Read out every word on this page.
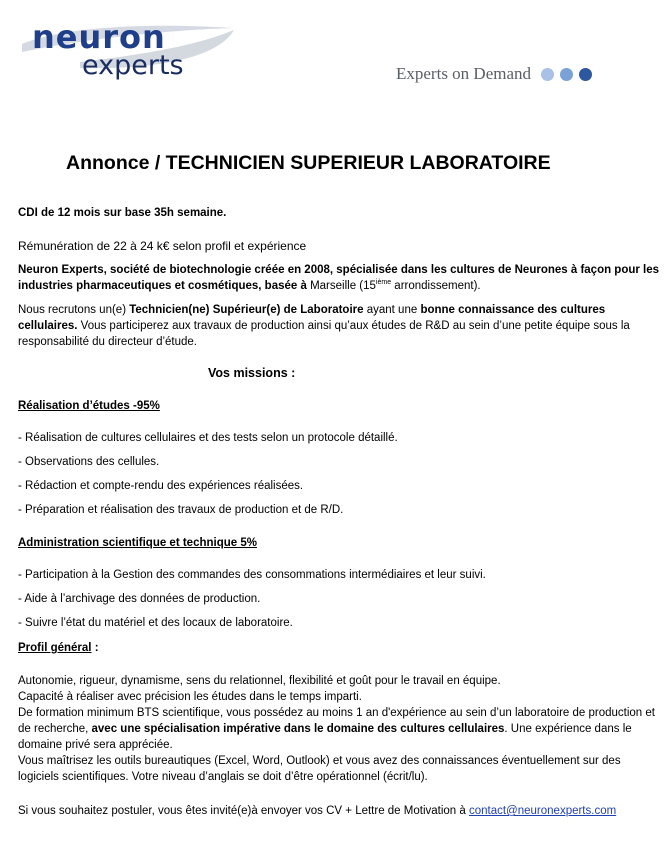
neuron
experts	Experts on Demand
Annonce / TECHNICIEN SUPERIEUR LABORATOIRE

CDI de 12 mois sur base 35h semaine.

Rémunération de 22 à 24 k€ selon profil et expérience

Neuron Experts, société de biotechnologie créée en 2008, spécialisée dans les cultures de Neurones à façon pour les industries pharmaceutiques et cosmétiques, basée à Marseille (15ième arrondissement).

Nous recrutons un(e) Technicien(ne) Supérieur(e) de Laboratoire ayant une bonne connaissance des cultures cellulaires. Vous participerez aux travaux de production ainsi qu’aux études de R&D au sein d’une petite équipe sous la responsabilité du directeur d’étude.

Vos missions :

Réalisation d’études -95%

- Réalisation de cultures cellulaires et des tests selon un protocole détaillé.

- Observations des cellules.

- Rédaction et compte-rendu des expériences réalisées.

- Préparation et réalisation des travaux de production et de R/D.

Administration scientifique et technique 5%

- Participation à la Gestion des commandes des consommations intermédiaires et leur suivi.

- Aide à l’archivage des données de production.

- Suivre l’état du matériel et des locaux de laboratoire.

Profil général :

Autonomie, rigueur, dynamisme, sens du relationnel, flexibilité et goût pour le travail en équipe.

Capacité à réaliser avec précision les études dans le temps imparti.

De formation minimum BTS scientifique, vous possédez au moins 1 an d'expérience au sein d’un laboratoire de production et de recherche, avec une spécialisation impérative dans le domaine des cultures cellulaires. Une expérience dans le domaine privé sera appréciée.

Vous maîtrisez les outils bureautiques (Excel, Word, Outlook) et vous avez des connaissances éventuellement sur des logiciels scientifiques. Votre niveau d’anglais se doit d’être opérationnel (écrit/lu).

Si vous souhaitez postuler, vous êtes invité(e)à envoyer vos CV + Lettre de Motivation à contact@neuronexperts.com
